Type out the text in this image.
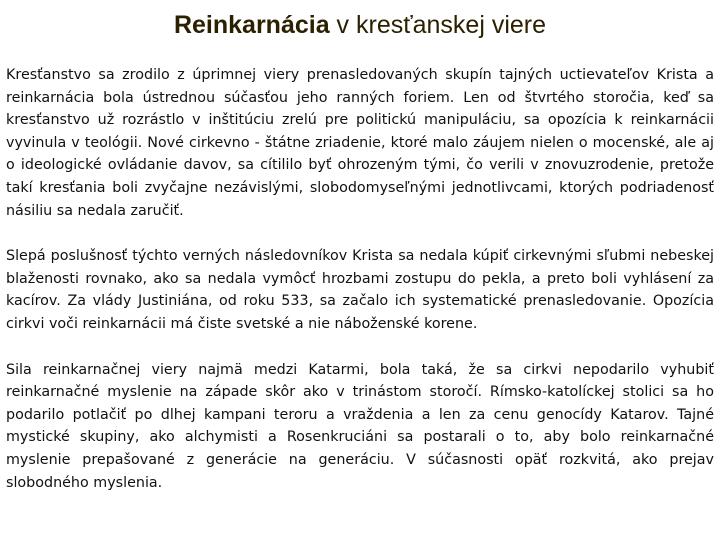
Reinkarnácia v kresťanskej viere

Kresťanstvo sa zrodilo z úprimnej viery prenasledovaných skupín tajných uctievateľov Krista a reinkarnácia bola ústrednou súčasťou jeho ranných foriem. Len od štvrtého storočia, keď sa kresťanstvo už rozrástlo v inštitúciu zrelú pre politickú manipuláciu, sa opozícia k reinkarnácii vyvinula v teológii. Nové cirkevno - štátne zriadenie, ktoré malo záujem nielen o mocenské, ale aj o ideologické ovládanie davov, sa cítililo byť ohrozeným tými, čo verili v znovuzrodenie, pretože takí kresťania boli zvyčajne nezávislými, slobodomyseľnými jednotlivcami, ktorých podriadenosť násiliu sa nedala zaručiť.

Slepá poslušnosť týchto verných následovníkov Krista sa nedala kúpiť cirkevnými sľubmi nebeskej blaženosti rovnako, ako sa nedala vymôcť hrozbami zostupu do pekla, a preto boli vyhlásení za kacírov. Za vlády Justiniána, od roku 533, sa začalo ich systematické prenasledovanie. Opozícia cirkvi voči reinkarnácii má čiste svetské a nie náboženské korene.

Sila reinkarnačnej viery najmä medzi Katarmi, bola taká, že sa cirkvi nepodarilo vyhubiť reinkarnačné myslenie na západe skôr ako v trinástom storočí. Rímsko-katolíckej stolici sa ho podarilo potlačiť po dlhej kampani teroru a vraždenia a len za cenu genocídy Katarov. Tajné mystické skupiny, ako alchymisti a Rosenkruciáni sa postarali o to, aby bolo reinkarnačné myslenie prepašované z generácie na generáciu. V súčasnosti opäť rozkvitá, ako prejav slobodného myslenia.
